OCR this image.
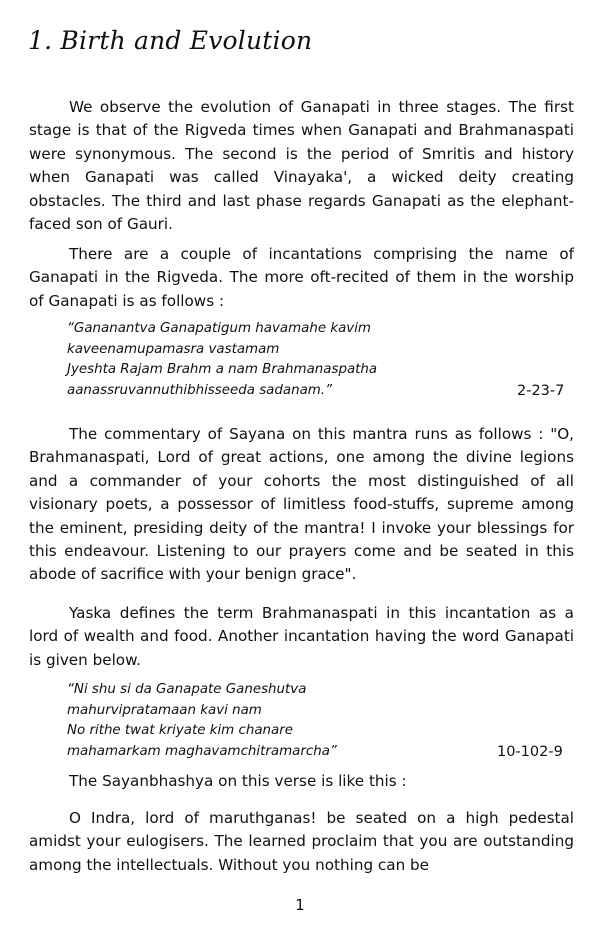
1. Birth and Evolution

We observe the evolution of Ganapati in three stages. The first stage is that of the Rigveda times when Ganapati and Brahmanaspati were synonymous. The second is the period of Smritis and history when Ganapati was called Vinayaka', a wicked deity creating obstacles. The third and last phase regards Ganapati as the elephant-faced son of Gauri.

There are a couple of incantations comprising the name of Ganapati in the Rigveda. The more oft-recited of them in the worship of Ganapati is as follows :

“Gananantva Ganapatigum havamahe kavim
kaveenamupamasra vastamam
Jyeshta Rajam Brahm a nam Brahmanaspatha
aanassruvannuthibhisseeda sadanam.”	2-23-7

The commentary of Sayana on this mantra runs as follows : "O, Brahmanaspati, Lord of great actions, one among the divine legions and a commander of your cohorts the most distinguished of all visionary poets, a possessor of limitless food-stuffs, supreme among the eminent, presiding deity of the mantra! I invoke your blessings for this endeavour. Listening to our prayers come and be seated in this abode of sacrifice with your benign grace".

Yaska defines the term Brahmanaspati in this incantation as a lord of wealth and food. Another incantation having the word Ganapati is given below.

“Ni shu si da Ganapate Ganeshutva
mahurvipratamaan kavi nam
No rithe twat kriyate kim chanare
mahamarkam maghavamchitramarcha”	10-102-9

The Sayanbhashya on this verse is like this :

O Indra, lord of maruthganas! be seated on a high pedestal amidst your eulogisers. The learned proclaim that you are outstanding among the intellectuals. Without you nothing can be

1
